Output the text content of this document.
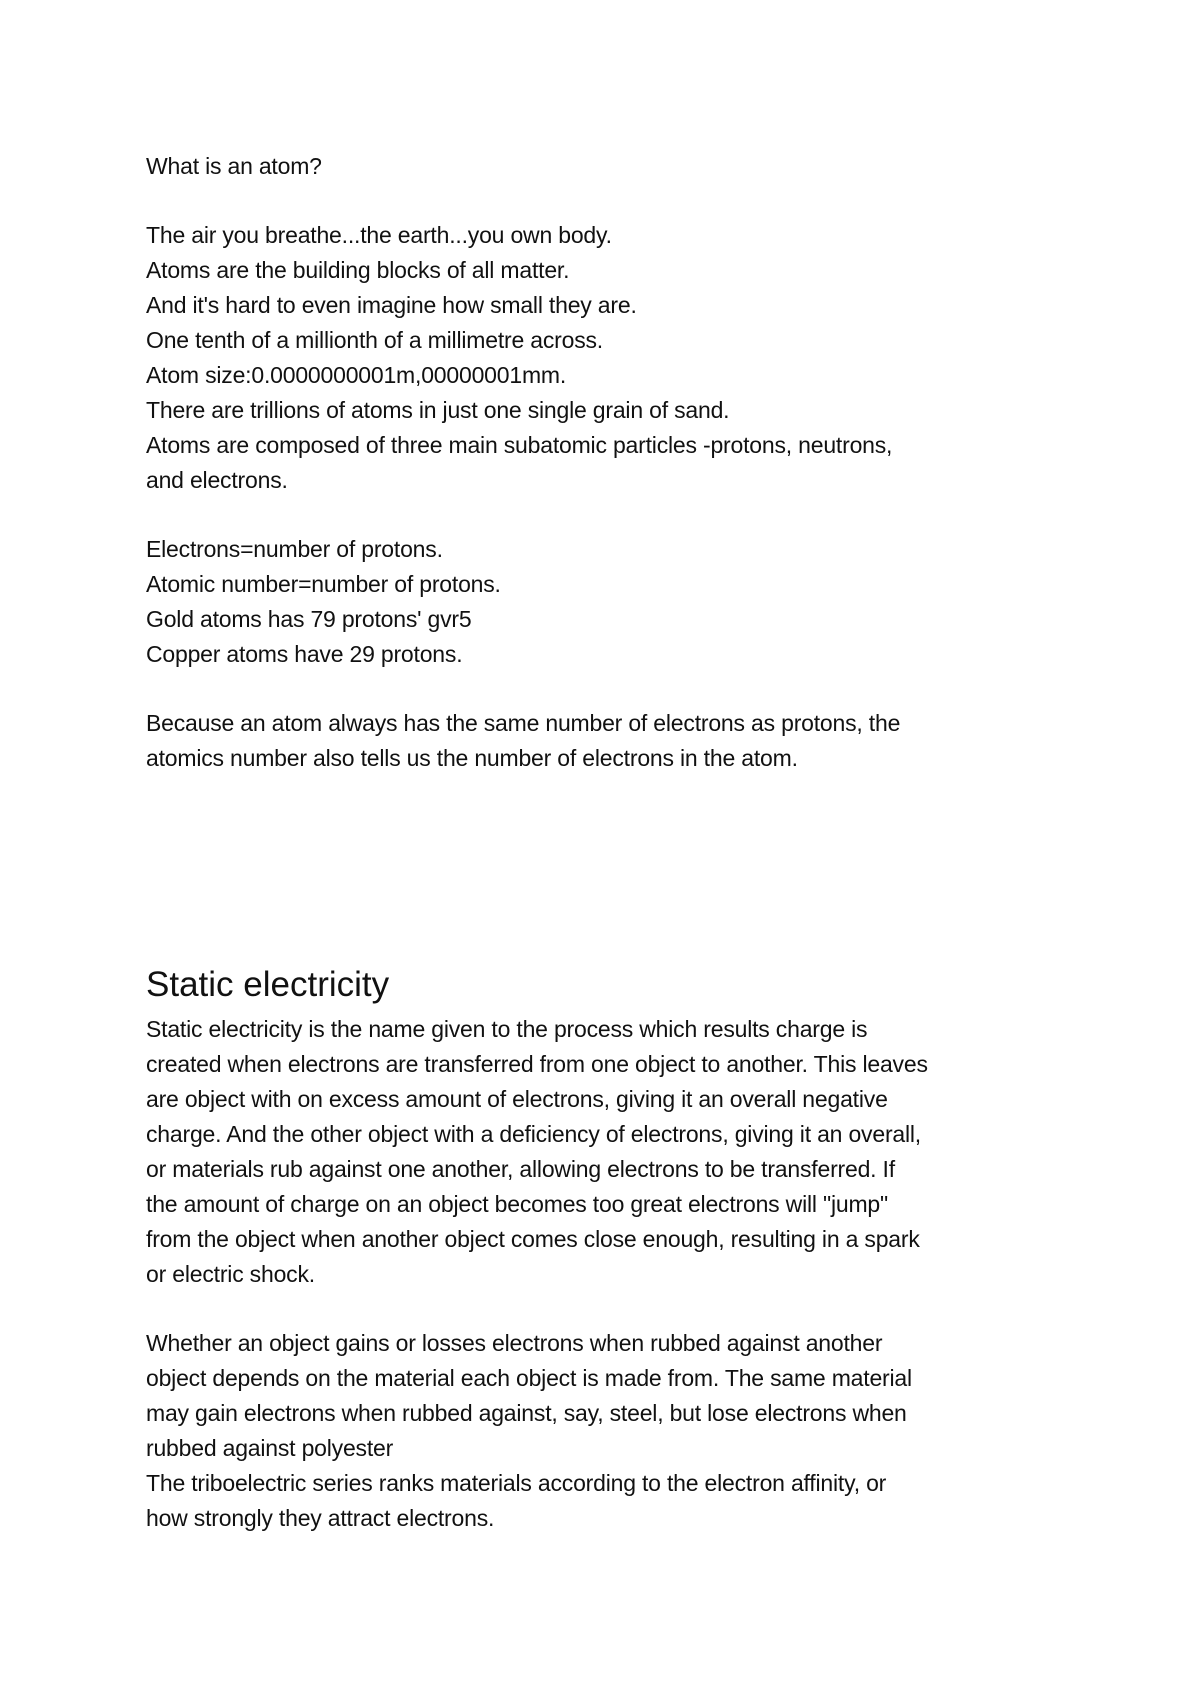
What is an atom?
The air you breathe...the earth...you own body.
Atoms are the building blocks of all matter.
And it's hard to even imagine how small they are.
One tenth of a millionth of a millimetre across.
Atom size:0.0000000001m,00000001mm.
There are trillions of atoms in just one single grain of sand.
Atoms are composed of three main subatomic particles -protons, neutrons,
and electrons.
Electrons=number of protons.
Atomic number=number of protons.
Gold atoms has 79 protons' gvr5
Copper atoms have 29 protons.
Because an atom always has the same number of electrons as protons, the
atomics number also tells us the number of electrons in the atom.
Static electricity
Static electricity is the name given to the process which results charge is
created when electrons are transferred from one object to another. This leaves
are object with on excess amount of electrons, giving it an overall negative
charge. And the other object with a deficiency of electrons, giving it an overall,
or materials rub against one another, allowing electrons to be transferred. If
the amount of charge on an object becomes too great electrons will "jump"
from the object when another object comes close enough, resulting in a spark
or electric shock.
Whether an object gains or losses electrons when rubbed against another
object depends on the material each object is made from. The same material
may gain electrons when rubbed against, say, steel, but lose electrons when
rubbed against polyester
The triboelectric series ranks materials according to the electron affinity, or
how strongly they attract electrons.
